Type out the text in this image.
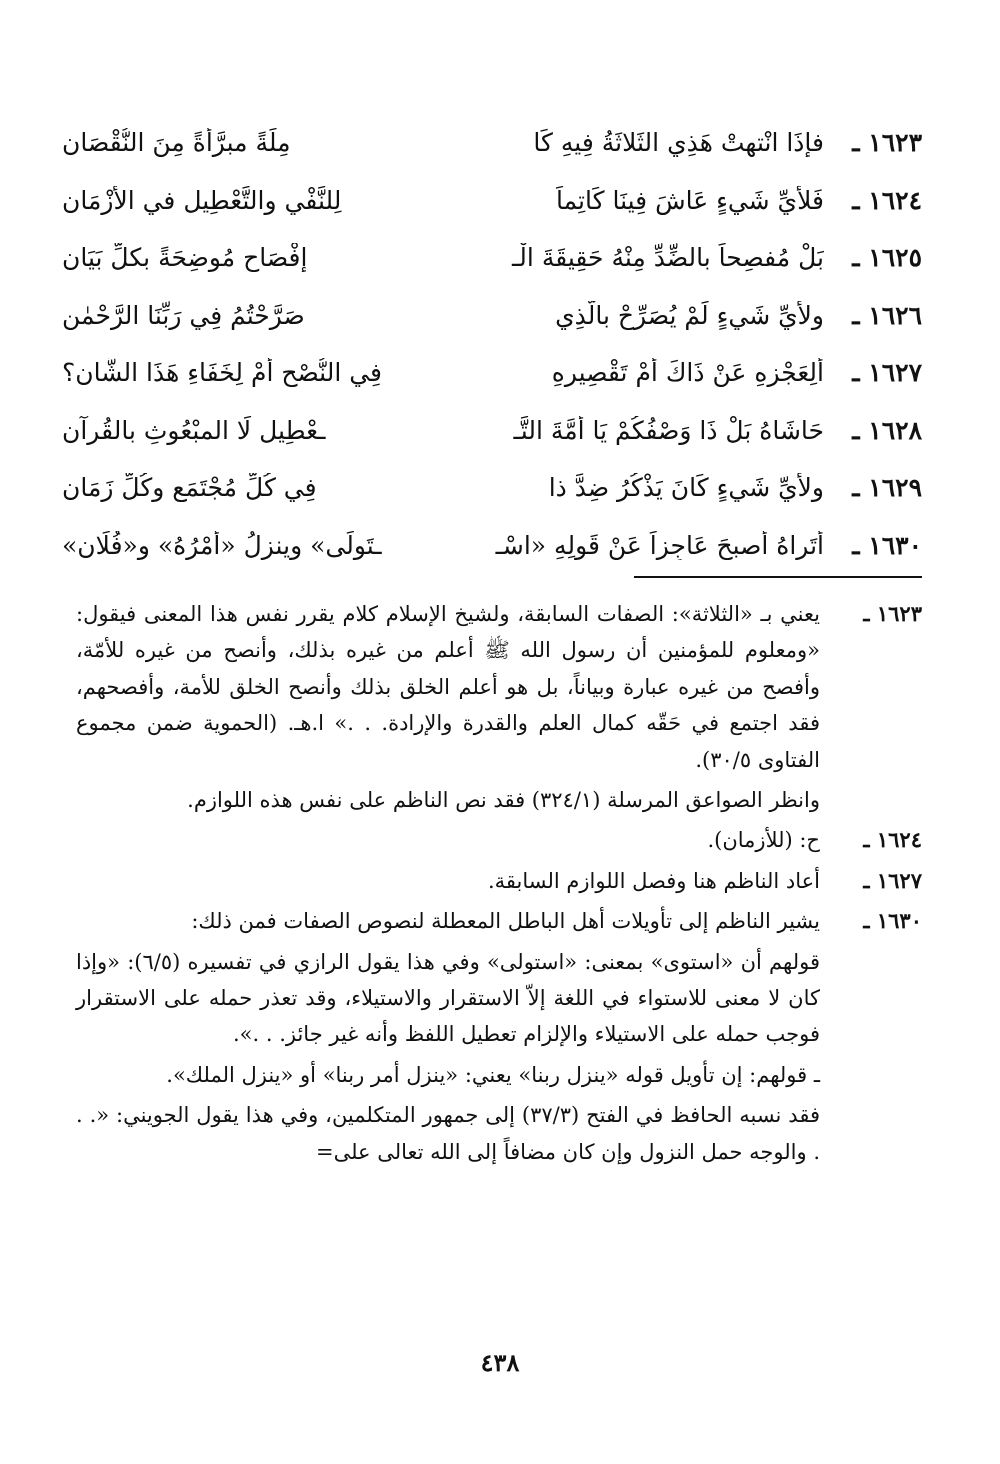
١٦٢٣ ـ
فإذَا انْتهتْ هَذِي الثَلاثَةُ فِيهِ كَا
مِلَةً مبرَّأَةً مِنَ النُّقْصَانِ
١٦٢٤ ـ
فَلأيِّ شَيءٍ عَاشَ فِينَا كَاتِماً
لِلنَّفْيِ والتَّعْطِيلِ في الأزْمَانِ
١٦٢٥ ـ
بَلْ مُفصِحاً بالضِّدِّ مِنْهُ حَقِيقَةَ الْـ
إفْصَاحِ مُوضِحَةً بكلِّ بَيَانِ
١٦٢٦ ـ
ولأيِّ شَيءٍ لَمْ يُصَرِّحْ بالَّذِي
صَرَّحْتُمُ فِي رَبِّنَا الرَّحْمٰنِ
١٦٢٧ ـ
ألِعَجْزِهِ عَنْ ذَاكَ أمْ تَقْصِيرِهِ
فِي النُّصْحِ أمْ لِخَفَاءِ هَذَا الشَّانِ؟
١٦٢٨ ـ
حَاشَاهُ بَلْ ذَا وَصْفُكُمْ يَا أُمَّةَ التَّـ
ـعْطِيلِ لَا المبْعُوثِ بالقُرآنِ
١٦٢٩ ـ
ولأيِّ شَيءٍ كَانَ يَذْكُرُ ضِدَّ ذا
فِي كُلِّ مُجْتَمَعٍ وكُلِّ زَمَانِ
١٦٣٠ ـ
أتَراهُ أصبحَ عَاجِزاً عَنْ قَولِهِ «اسْـ
ـتَولَى» وينزلُ «أَمْرُهُ» و«فُلَانِ»
١٦٢٣ ـ

يعني بـ «الثلاثة»: الصفات السابقة، ولشيخ الإسلام كلام يقرر نفس هذا المعنى فيقول: «ومعلوم للمؤمنين أن رسول الله ﷺ أعلم من غيره بذلك، وأنصح من غيره للأمّة، وأفصح من غيره عبارة وبياناً، بل هو أعلم الخلق بذلك وأنصح الخلق للأمة، وأفصحهم، فقد اجتمع في حَقّه كمال العلم والقدرة والإرادة. . .» ا.هـ. (الحموية ضمن مجموع الفتاوى ٣٠/٥).

وانظر الصواعق المرسلة (٣٢٤/١) فقد نص الناظم على نفس هذه اللوازم.

١٦٢٤ ـ

ح: (للأزمان).

١٦٢٧ ـ

أعاد الناظم هنا وفصل اللوازم السابقة.

١٦٣٠ ـ

يشير الناظم إلى تأويلات أهل الباطل المعطلة لنصوص الصفات فمن ذلك:

قولهم أن «استوى» بمعنى: «استولى» وفي هذا يقول الرازي في تفسيره (٦/٥): «وإذا كان لا معنى للاستواء في اللغة إلاّ الاستقرار والاستيلاء، وقد تعذر حمله على الاستقرار فوجب حمله على الاستيلاء والإلزام تعطيل اللفظ وأنه غير جائز. . .».

ـ قولهم: إن تأويل قوله «ينزل ربنا» يعني: «ينزل أمر ربنا» أو «ينزل الملك».

فقد نسبه الحافظ في الفتح (٣٧/٣) إلى جمهور المتكلمين، وفي هذا يقول الجويني: «. . . والوجه حمل النزول وإن كان مضافاً إلى الله تعالى على=

٤٣٨
